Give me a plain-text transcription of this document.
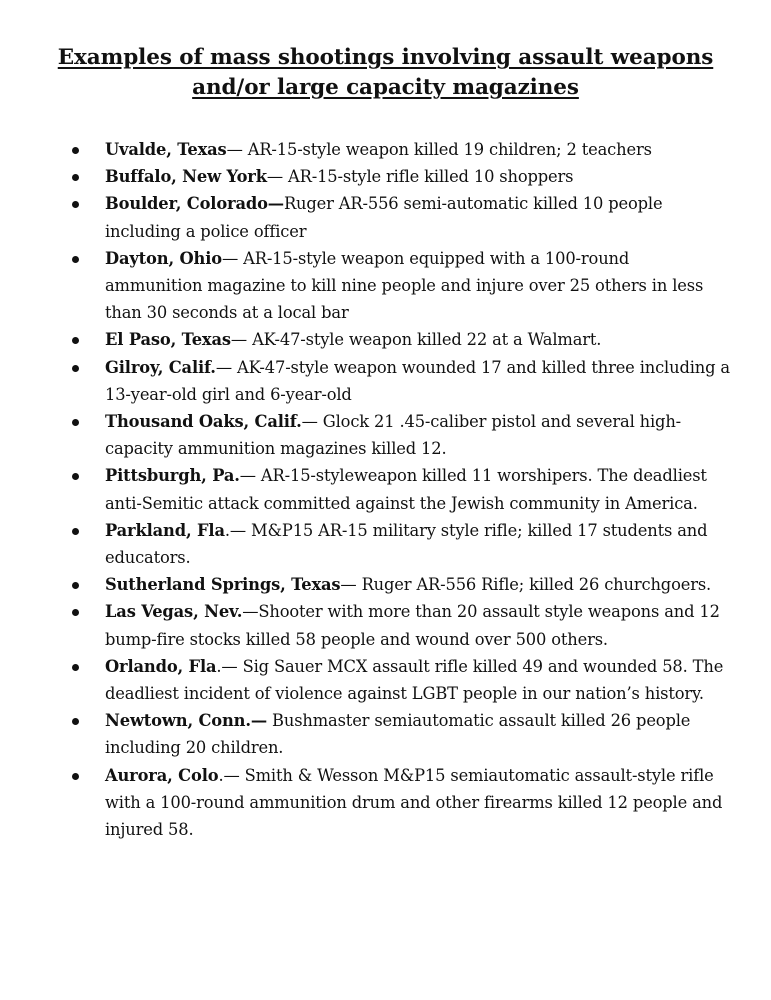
Examples of mass shootings involving assault weapons
and/or large capacity magazines
Uvalde, Texas— AR-15-style weapon killed 19 children; 2 teachers
Buffalo, New York— AR-15-style rifle killed 10 shoppers
Boulder, Colorado—Ruger AR-556 semi-automatic killed 10 people including a police officer
Dayton, Ohio— AR-15-style weapon equipped with a 100-round ammunition magazine to kill nine people and injure over 25 others in less than 30 seconds at a local bar
El Paso, Texas— AK-47-style weapon killed 22 at a Walmart.
Gilroy, Calif.— AK-47-style weapon wounded 17 and killed three including a 13-year-old girl and 6-year-old
Thousand Oaks, Calif.— Glock 21 .45-caliber pistol and several high-capacity ammunition magazines killed 12.
Pittsburgh, Pa.— AR-15-styleweapon killed 11 worshipers. The deadliest anti-Semitic attack committed against the Jewish community in America.
Parkland, Fla.— M&P15 AR-15 military style rifle; killed 17 students and educators.
Sutherland Springs, Texas— Ruger AR-556 Rifle; killed 26 churchgoers.
Las Vegas, Nev.—Shooter with more than 20 assault style weapons and 12 bump-fire stocks killed 58 people and wound over 500 others.
Orlando, Fla.— Sig Sauer MCX assault rifle killed 49 and wounded 58. The deadliest incident of violence against LGBT people in our nation’s history.
Newtown, Conn.— Bushmaster semiautomatic assault killed 26 people including 20 children.
Aurora, Colo.— Smith & Wesson M&P15 semiautomatic assault-style rifle with a 100-round ammunition drum and other firearms killed 12 people and injured 58.
